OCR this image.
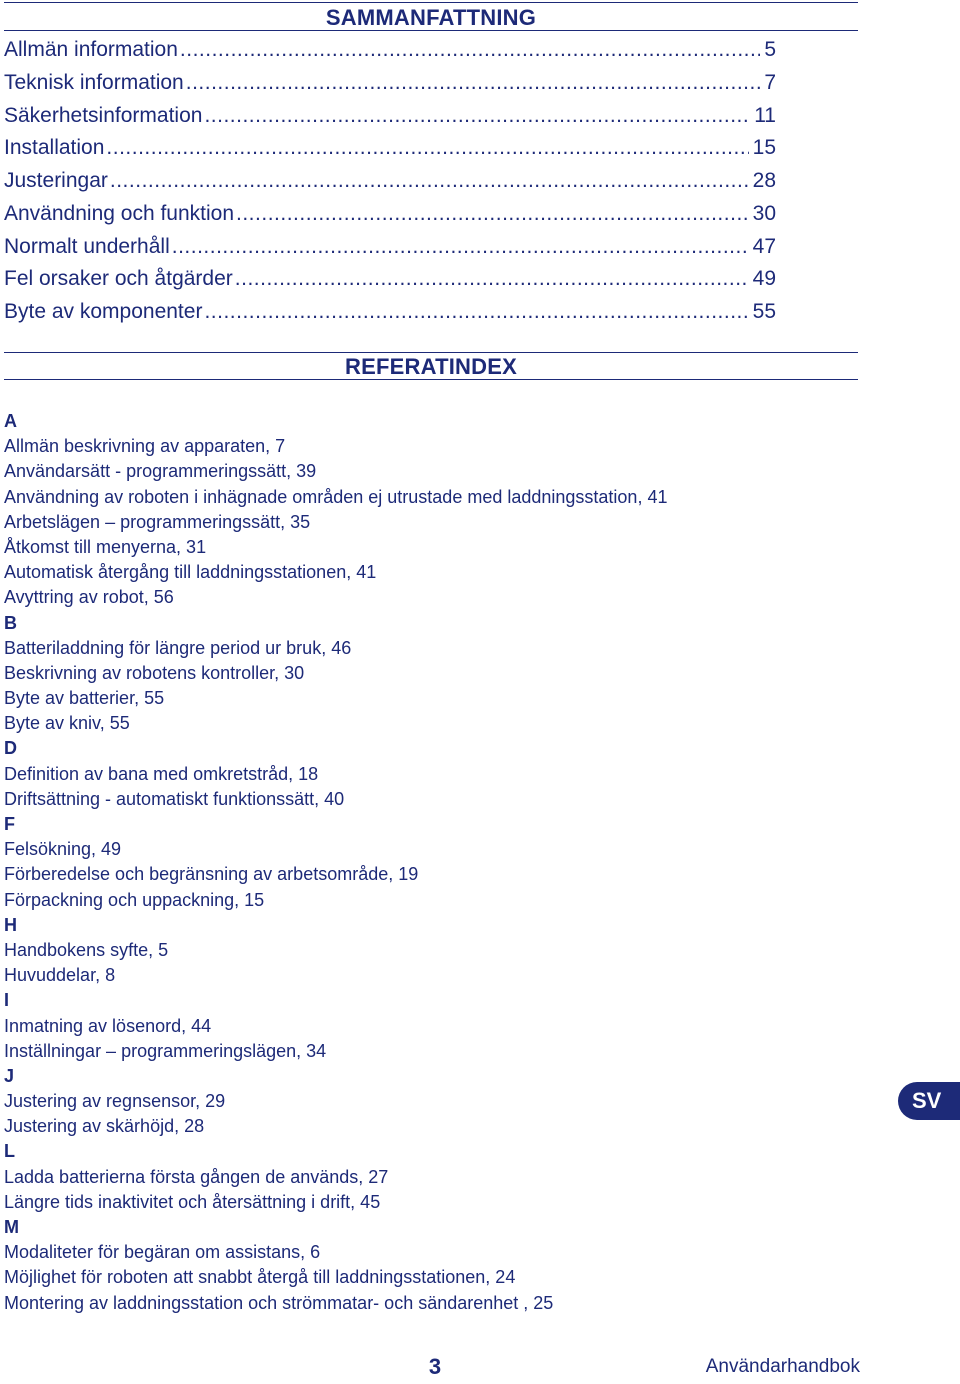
SAMMANFATTNING
Allmän information .....	5
Teknisk information .....	7
Säkerhetsinformation .....	11
Installation .....	15
Justeringar .....	28
Användning och funktion .....	30
Normalt underhåll .....	47
Fel orsaker och åtgärder .....	49
Byte av komponenter .....	55
REFERATINDEX
A
Allmän beskrivning av apparaten, 7
Användarsätt - programmeringssätt, 39
Användning av roboten i inhägnade områden ej utrustade med laddningsstation, 41
Arbetslägen – programmeringssätt, 35
Åtkomst till menyerna, 31
Automatisk återgång till laddningsstationen, 41
Avyttring av robot, 56
B
Batteriladdning för längre period ur bruk, 46
Beskrivning av robotens kontroller, 30
Byte av batterier, 55
Byte av kniv, 55
D
Definition av bana med omkretstråd, 18
Driftsättning - automatiskt funktionssätt, 40
F
Felsökning, 49
Förberedelse och begränsning av arbetsområde, 19
Förpackning och uppackning, 15
H
Handbokens syfte, 5
Huvuddelar, 8
I
Inmatning av lösenord, 44
Inställningar – programmeringslägen, 34
J
Justering av regnsensor, 29
Justering av skärhöjd, 28
L
Ladda batterierna första gången de används, 27
Längre tids inaktivitet och återsättning i drift, 45
M
Modaliteter för begäran om assistans, 6
Möjlighet för roboten att snabbt återgå till laddningsstationen, 24
Montering av laddningsstation och strömmatar- och sändarenhet , 25
SV
3	Användarhandbok
